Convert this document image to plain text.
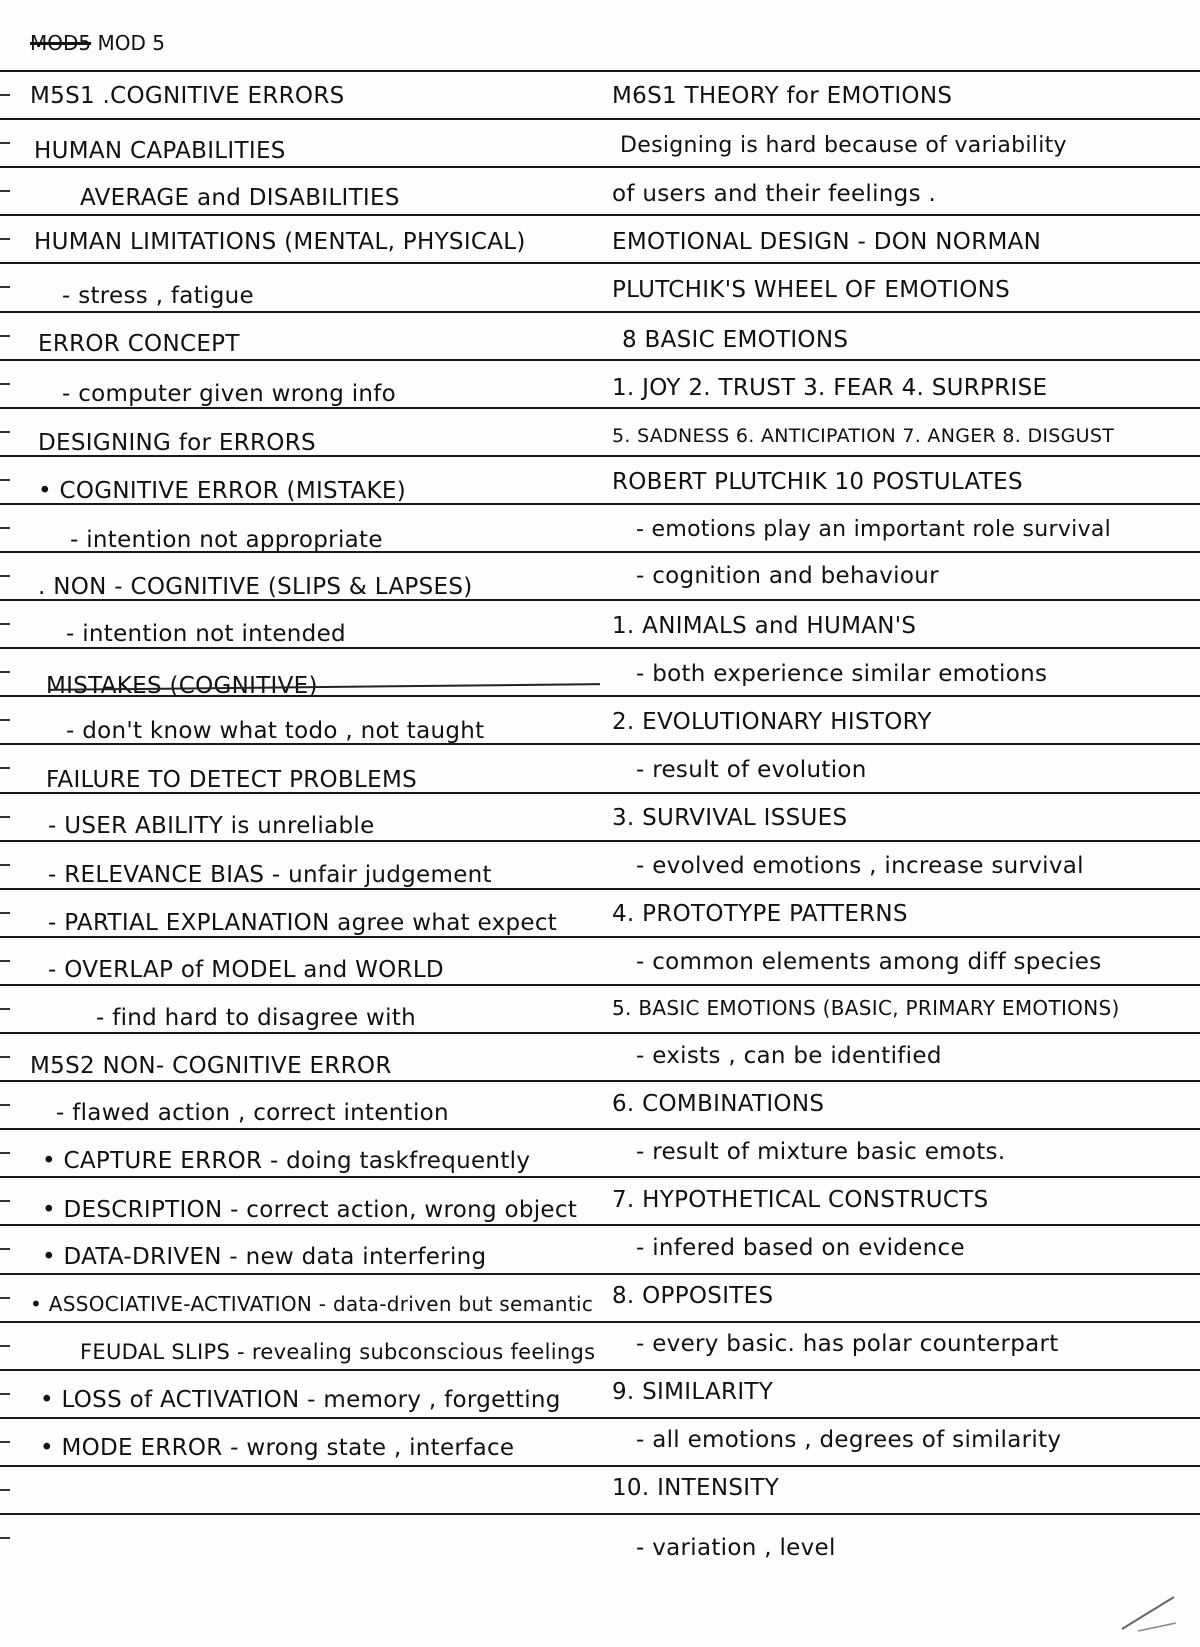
MOD5 MOD 5
M5S1 .COGNITIVE ERRORS
HUMAN CAPABILITIES
AVERAGE and DISABILITIES
HUMAN LIMITATIONS (MENTAL, PHYSICAL)
- stress , fatigue
ERROR CONCEPT
- computer given wrong info
DESIGNING for ERRORS
• COGNITIVE ERROR (MISTAKE)
- intention not appropriate
. NON - COGNITIVE (SLIPS & LAPSES)
- intention not intended
MISTAKES (COGNITIVE)
- don't know what todo , not taught
FAILURE TO DETECT PROBLEMS
- USER ABILITY is unreliable
- RELEVANCE BIAS - unfair judgement
- PARTIAL EXPLANATION agree what expect
- OVERLAP of MODEL and WORLD
- find hard to disagree with
M5S2 NON- COGNITIVE ERROR
- flawed action , correct intention
• CAPTURE ERROR - doing taskfrequently
• DESCRIPTION - correct action, wrong object
• DATA-DRIVEN - new data interfering
• ASSOCIATIVE-ACTIVATION - data-driven but semantic
FEUDAL SLIPS - revealing subconscious feelings
• LOSS of ACTIVATION - memory , forgetting
• MODE ERROR - wrong state , interface
M6S1 THEORY for EMOTIONS
Designing is hard because of variability
of users and their feelings .
EMOTIONAL DESIGN - DON NORMAN
PLUTCHIK'S WHEEL OF EMOTIONS
8 BASIC EMOTIONS
1. JOY 2. TRUST 3. FEAR 4. SURPRISE
5. SADNESS 6. ANTICIPATION 7. ANGER 8. DISGUST
ROBERT PLUTCHIK 10 POSTULATES
- emotions play an important role survival
- cognition and behaviour
1. ANIMALS and HUMAN'S
- both experience similar emotions
2. EVOLUTIONARY HISTORY
- result of evolution
3. SURVIVAL ISSUES
- evolved emotions , increase survival
4. PROTOTYPE PATTERNS
- common elements among diff species
5. BASIC EMOTIONS (BASIC, PRIMARY EMOTIONS)
- exists , can be identified
6. COMBINATIONS
- result of mixture basic emots.
7. HYPOTHETICAL CONSTRUCTS
- infered based on evidence
8. OPPOSITES
- every basic. has polar counterpart
9. SIMILARITY
- all emotions , degrees of similarity
10. INTENSITY
- variation , level
